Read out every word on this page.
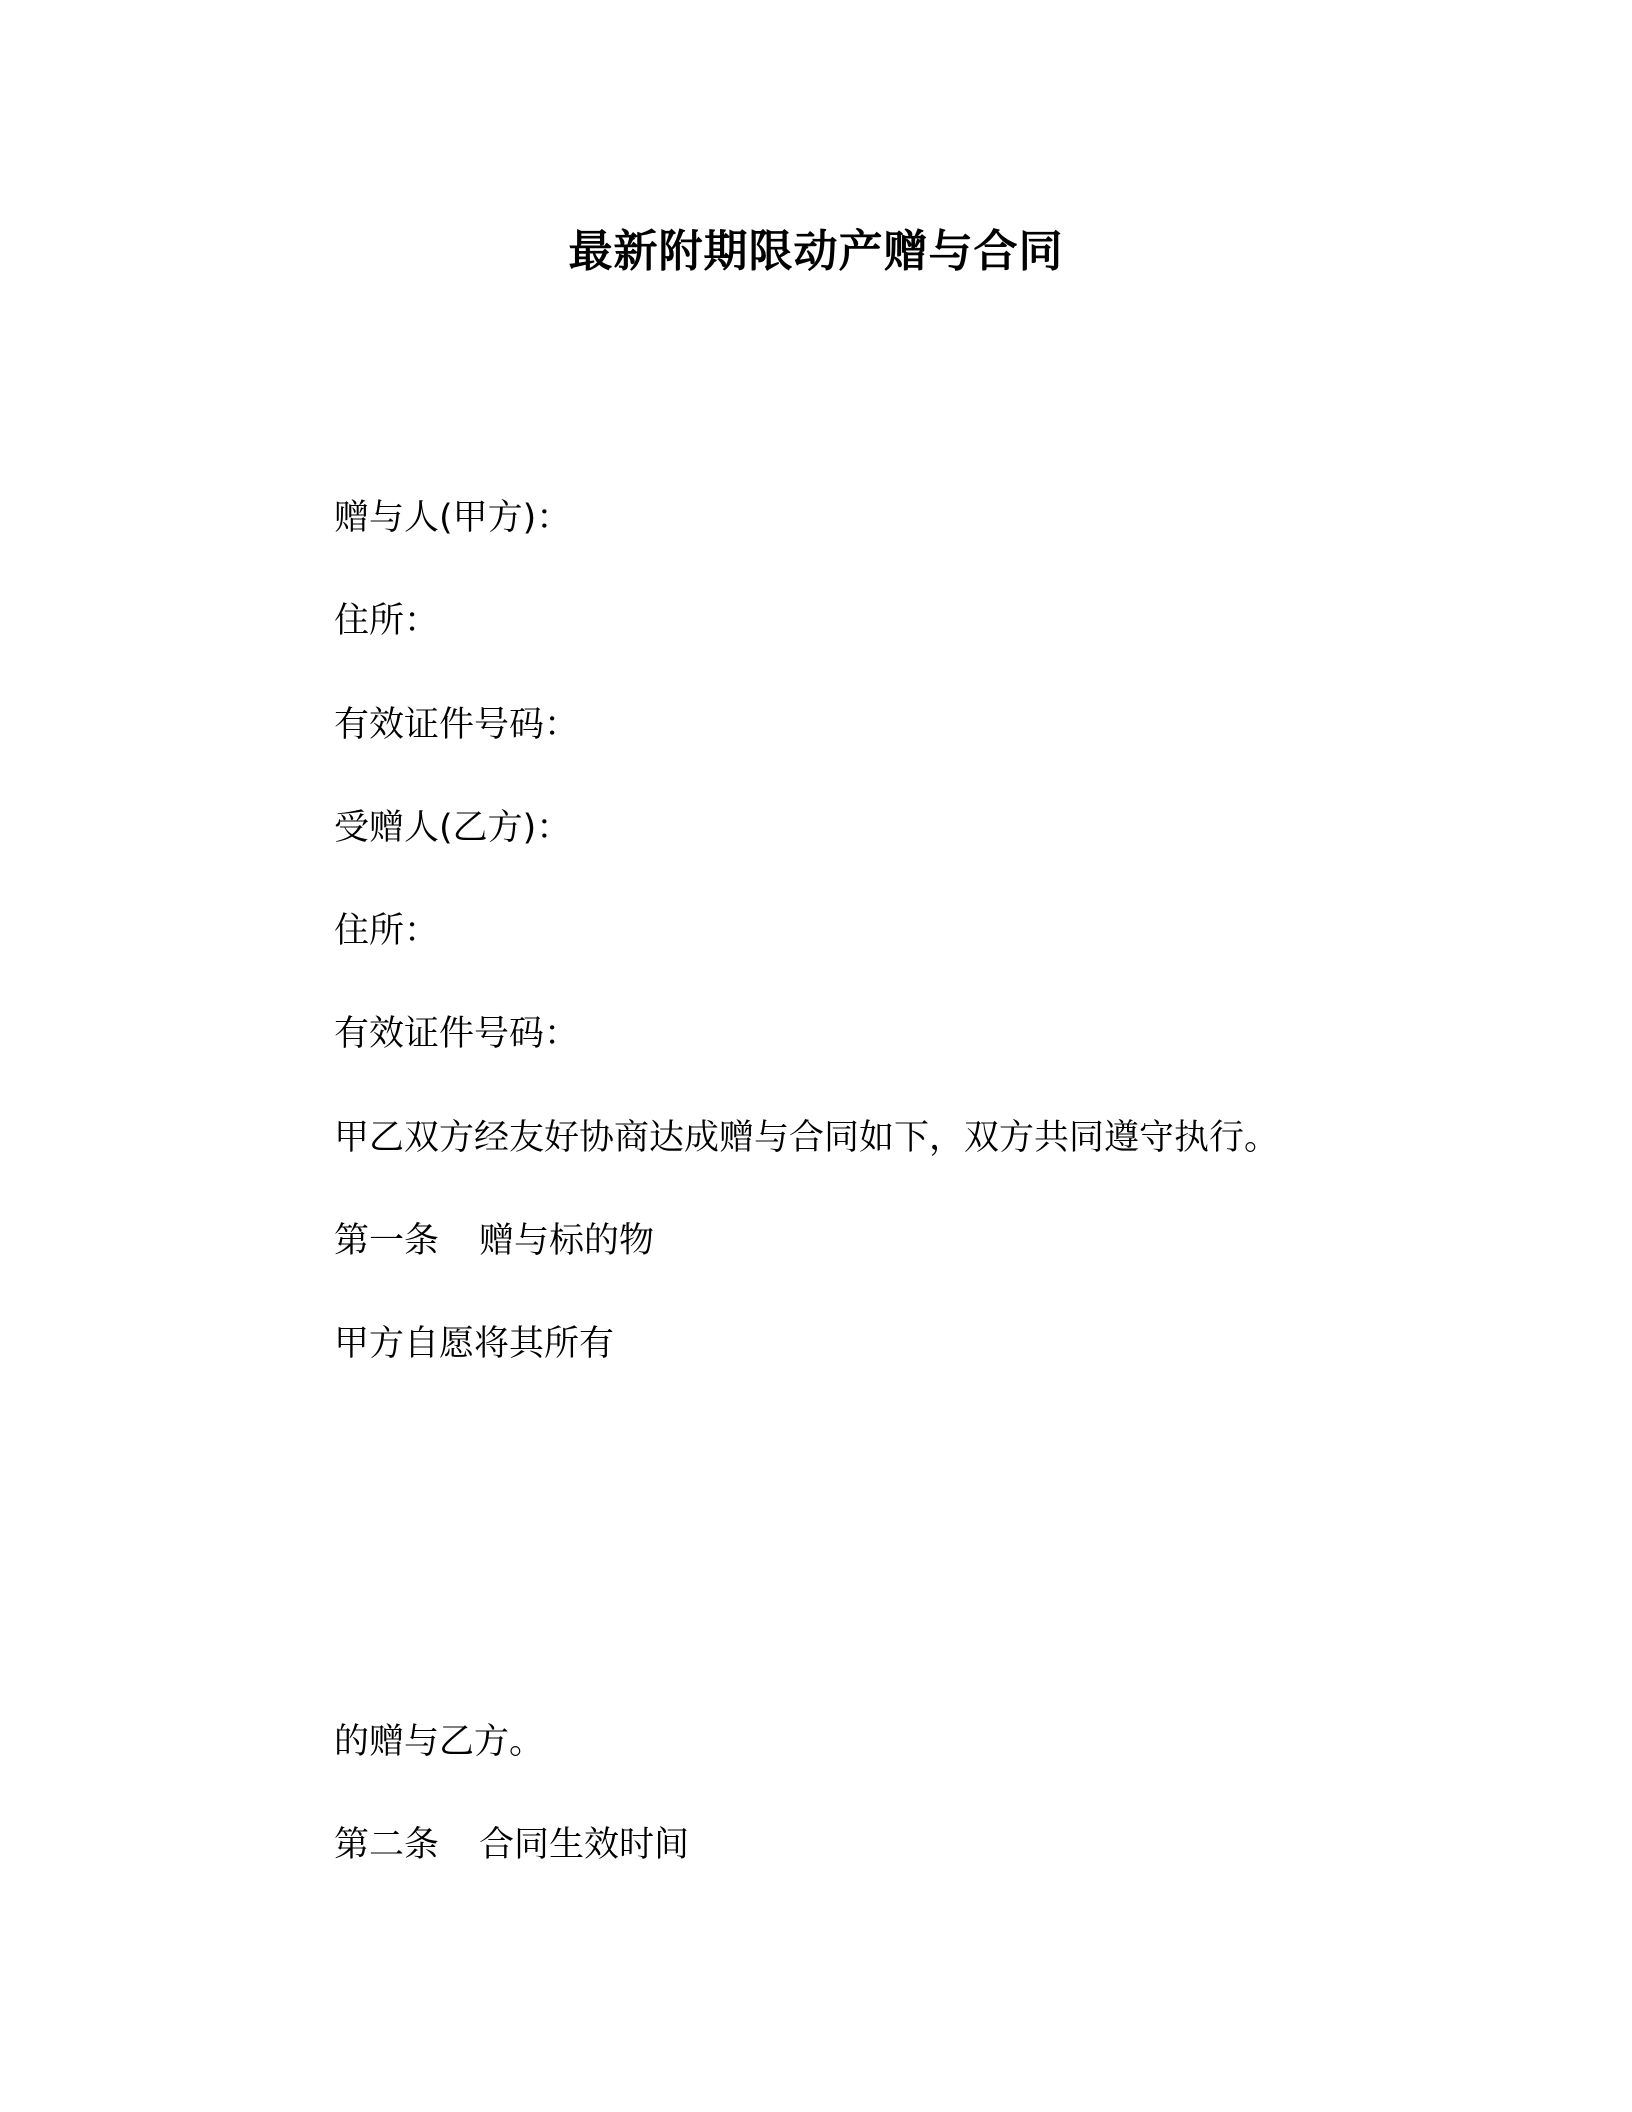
最新附期限动产赠与合同
赠与人(甲方)：
住所：
有效证件号码：
受赠人(乙方)：
住所：
有效证件号码：
甲乙双方经友好协商达成赠与合同如下，双方共同遵守执行。
第一条 赠与标的物
甲方自愿将其所有
的赠与乙方。
第二条 合同生效时间
